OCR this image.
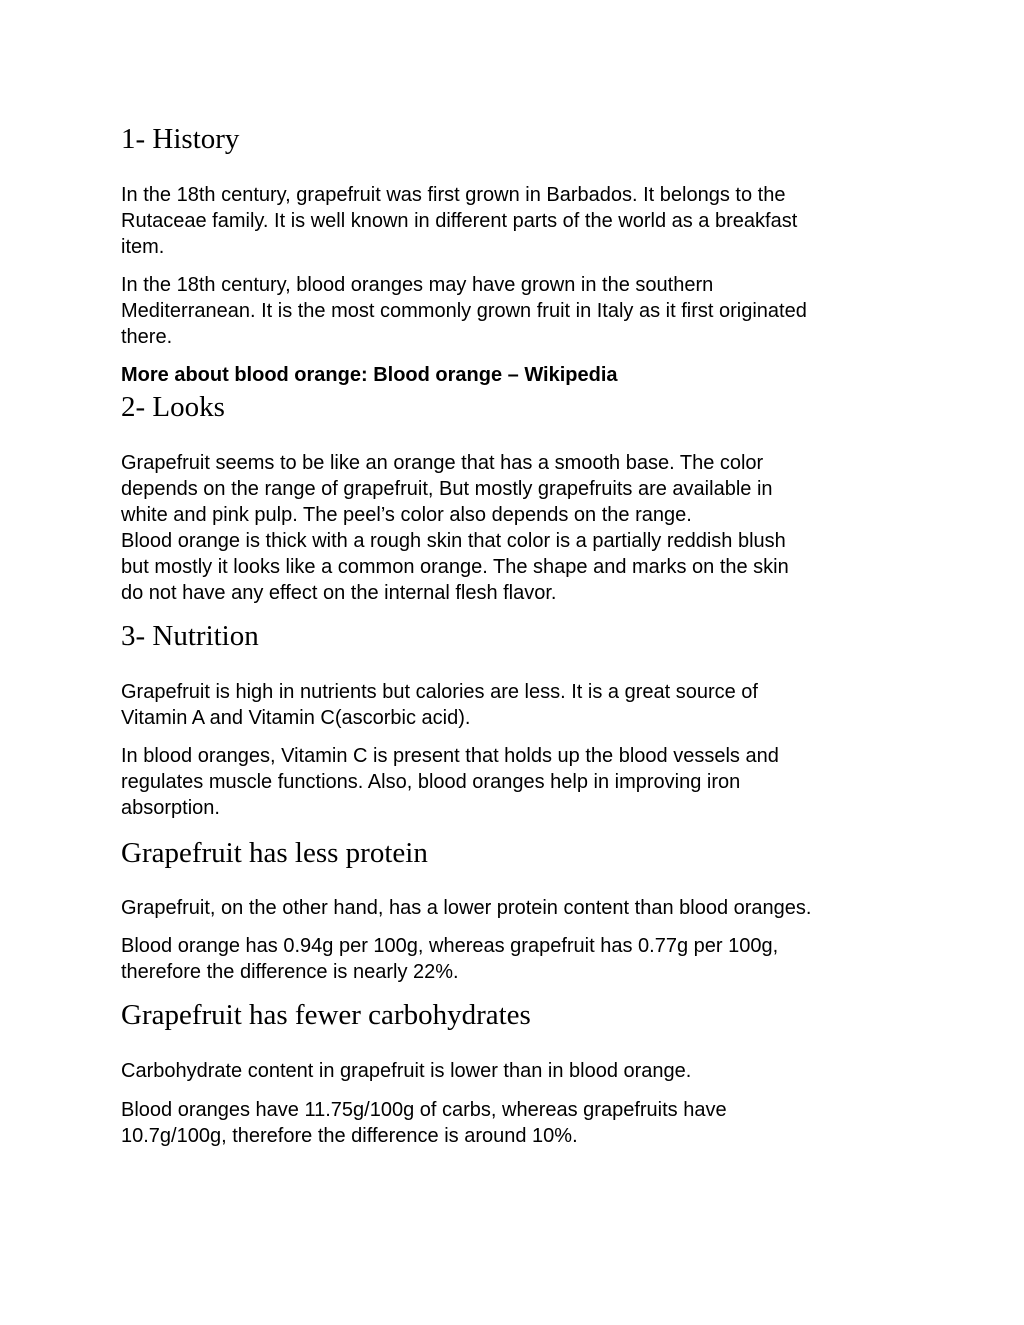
1- History

In the 18th century, grapefruit was first grown in Barbados. It belongs to the

Rutaceae family. It is well known in different parts of the world as a breakfast

item.

In the 18th century, blood oranges may have grown in the southern

Mediterranean. It is the most commonly grown fruit in Italy as it first originated

there.

More about blood orange: Blood orange – Wikipedia

2- Looks

Grapefruit seems to be like an orange that has a smooth base. The color

depends on the range of grapefruit, But mostly grapefruits are available in

white and pink pulp. The peel’s color also depends on the range.

Blood orange is thick with a rough skin that color is a partially reddish blush

but mostly it looks like a common orange. The shape and marks on the skin

do not have any effect on the internal flesh flavor.

3- Nutrition

Grapefruit is high in nutrients but calories are less. It is a great source of

Vitamin A and Vitamin C(ascorbic acid).

In blood oranges, Vitamin C is present that holds up the blood vessels and

regulates muscle functions. Also, blood oranges help in improving iron

absorption.

Grapefruit has less protein

Grapefruit, on the other hand, has a lower protein content than blood oranges.

Blood orange has 0.94g per 100g, whereas grapefruit has 0.77g per 100g,

therefore the difference is nearly 22%.

Grapefruit has fewer carbohydrates

Carbohydrate content in grapefruit is lower than in blood orange.

Blood oranges have 11.75g/100g of carbs, whereas grapefruits have

10.7g/100g, therefore the difference is around 10%.
